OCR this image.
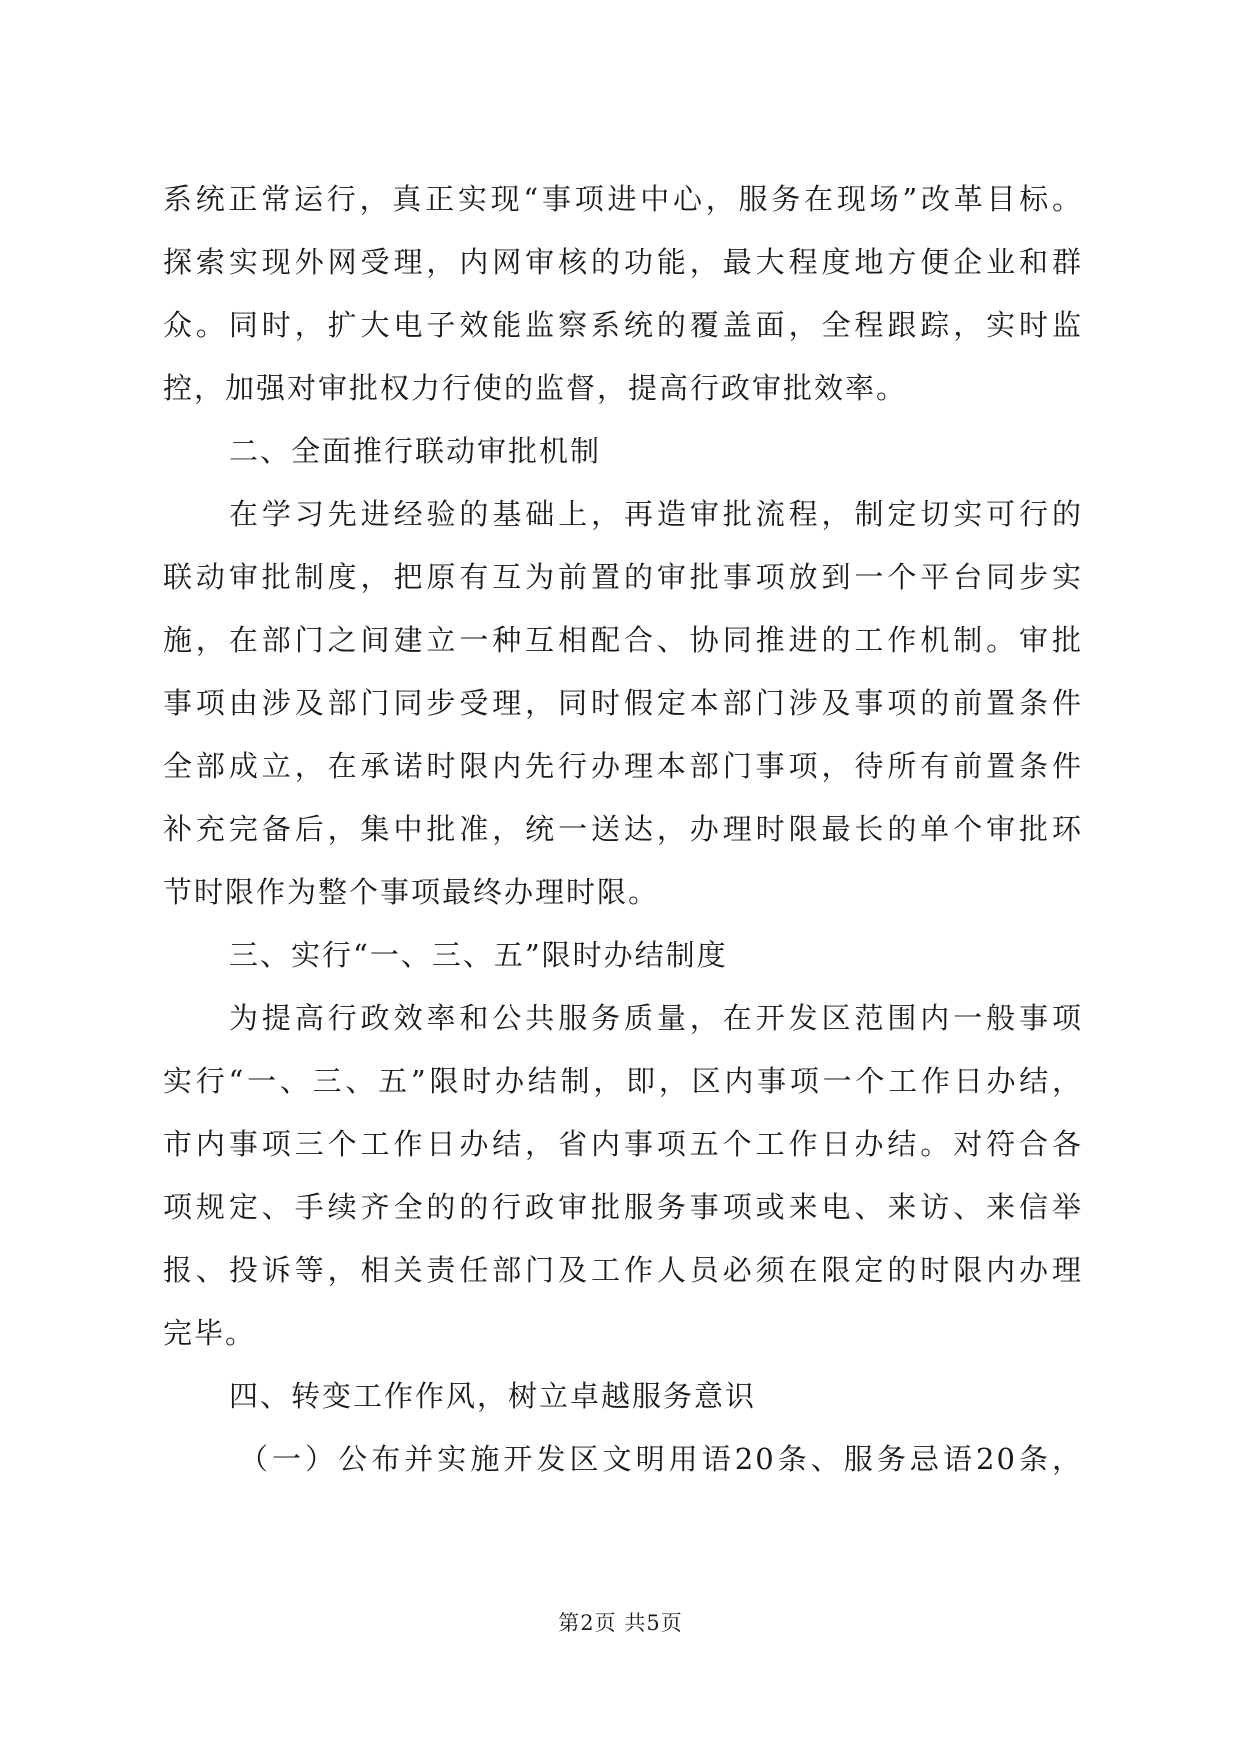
系统正常运行，真正实现“事项进中心，服务在现场”改革目标。
探索实现外网受理，内网审核的功能，最大程度地方便企业和群
众。同时，扩大电子效能监察系统的覆盖面，全程跟踪，实时监
控，加强对审批权力行使的监督，提高行政审批效率。
二、全面推行联动审批机制
在学习先进经验的基础上，再造审批流程，制定切实可行的
联动审批制度，把原有互为前置的审批事项放到一个平台同步实
施，在部门之间建立一种互相配合、协同推进的工作机制。审批
事项由涉及部门同步受理，同时假定本部门涉及事项的前置条件
全部成立，在承诺时限内先行办理本部门事项，待所有前置条件
补充完备后，集中批准，统一送达，办理时限最长的单个审批环
节时限作为整个事项最终办理时限。
三、实行“一、三、五”限时办结制度
为提高行政效率和公共服务质量，在开发区范围内一般事项
实行“一、三、五”限时办结制，即，区内事项一个工作日办结，
市内事项三个工作日办结，省内事项五个工作日办结。对符合各
项规定、手续齐全的的行政审批服务事项或来电、来访、来信举
报、投诉等，相关责任部门及工作人员必须在限定的时限内办理
完毕。
四、转变工作作风，树立卓越服务意识
（一）公布并实施开发区文明用语20条、服务忌语20条，
第2页 共5页
